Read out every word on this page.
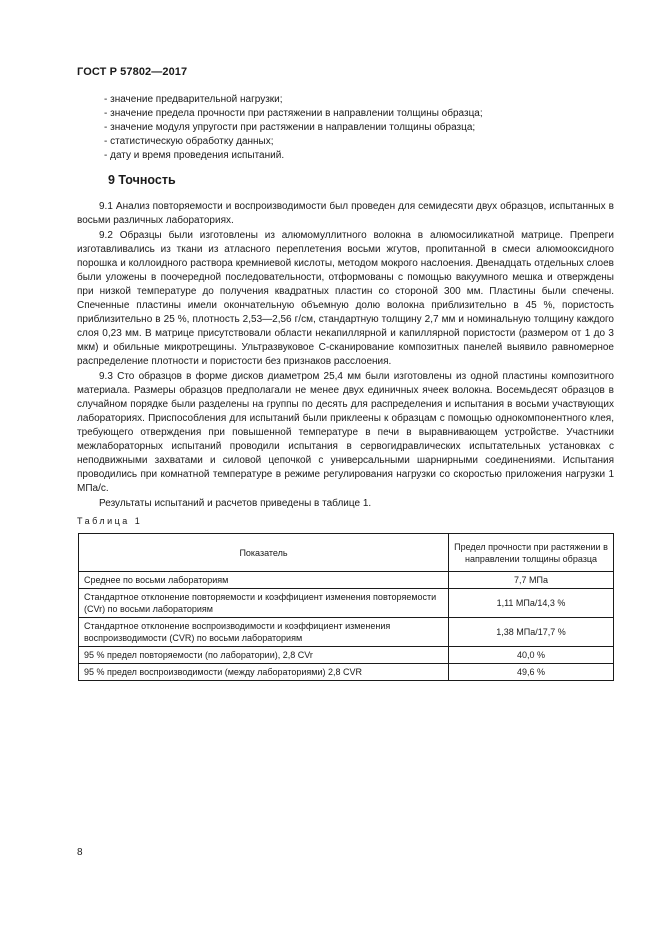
ГОСТ Р 57802—2017
- значение предварительной нагрузки;
- значение предела прочности при растяжении в направлении толщины образца;
- значение модуля упругости при растяжении в направлении толщины образца;
- статистическую обработку данных;
- дату и время проведения испытаний.
9 Точность

9.1 Анализ повторяемости и воспроизводимости был проведен для семидесяти двух образцов, испытанных в восьми различных лабораториях.

9.2 Образцы были изготовлены из алюмомуллитного волокна в алюмосиликатной матрице. Препреги изготавливались из ткани из атласного переплетения восьми жгутов, пропитанной в смеси алюмооксидного порошка и коллоидного раствора кремниевой кислоты, методом мокрого наслоения. Двенадцать отдельных слоев были уложены в поочередной последовательности, отформованы с помощью вакуумного мешка и отверждены при низкой температуре до получения квадратных пластин со стороной 300 мм. Пластины были спечены. Спеченные пластины имели окончательную объемную долю волокна приблизительно в 45 %, пористость приблизительно в 25 %, плотность 2,53—2,56 г/см, стандартную толщину 2,7 мм и номинальную толщину каждого слоя 0,23 мм. В матрице присутствовали области некапиллярной и капиллярной пористости (размером от 1 до 3 мкм) и обильные микротрещины. Ультразвуковое С-сканирование композитных панелей выявило равномерное распределение плотности и пористости без признаков расслоения.

9.3 Сто образцов в форме дисков диаметром 25,4 мм были изготовлены из одной пластины композитного материала. Размеры образцов предполагали не менее двух единичных ячеек волокна. Восемьдесят образцов в случайном порядке были разделены на группы по десять для распределения и испытания в восьми участвующих лабораториях. Приспособления для испытаний были приклеены к образцам с помощью однокомпонентного клея, требующего отверждения при повышенной температуре в печи в выравнивающем устройстве. Участники межлабораторных испытаний проводили испытания в сервогидравлических испытательных установках с неподвижными захватами и силовой цепочкой с универсальными шарнирными соединениями. Испытания проводились при комнатной температуре в режиме регулирования нагрузки со скоростью приложения нагрузки 1 МПа/с.

Результаты испытаний и расчетов приведены в таблице 1.

Таблица 1
Показатель	Предел прочности при растяжении в направлении толщины образца
Среднее по восьми лабораториям	7,7 МПа
Стандартное отклонение повторяемости и коэффициент изменения повторяемости (CVr) по восьми лабораториям	1,11 МПа/14,3 %
Стандартное отклонение воспроизводимости и коэффициент изменения воспроизводимости (CVR) по восьми лабораториям	1,38 МПа/17,7 %
95 % предел повторяемости (по лаборатории), 2,8 CVr	40,0 %
95 % предел воспроизводимости (между лабораториями) 2,8 CVR	49,6 %
8
